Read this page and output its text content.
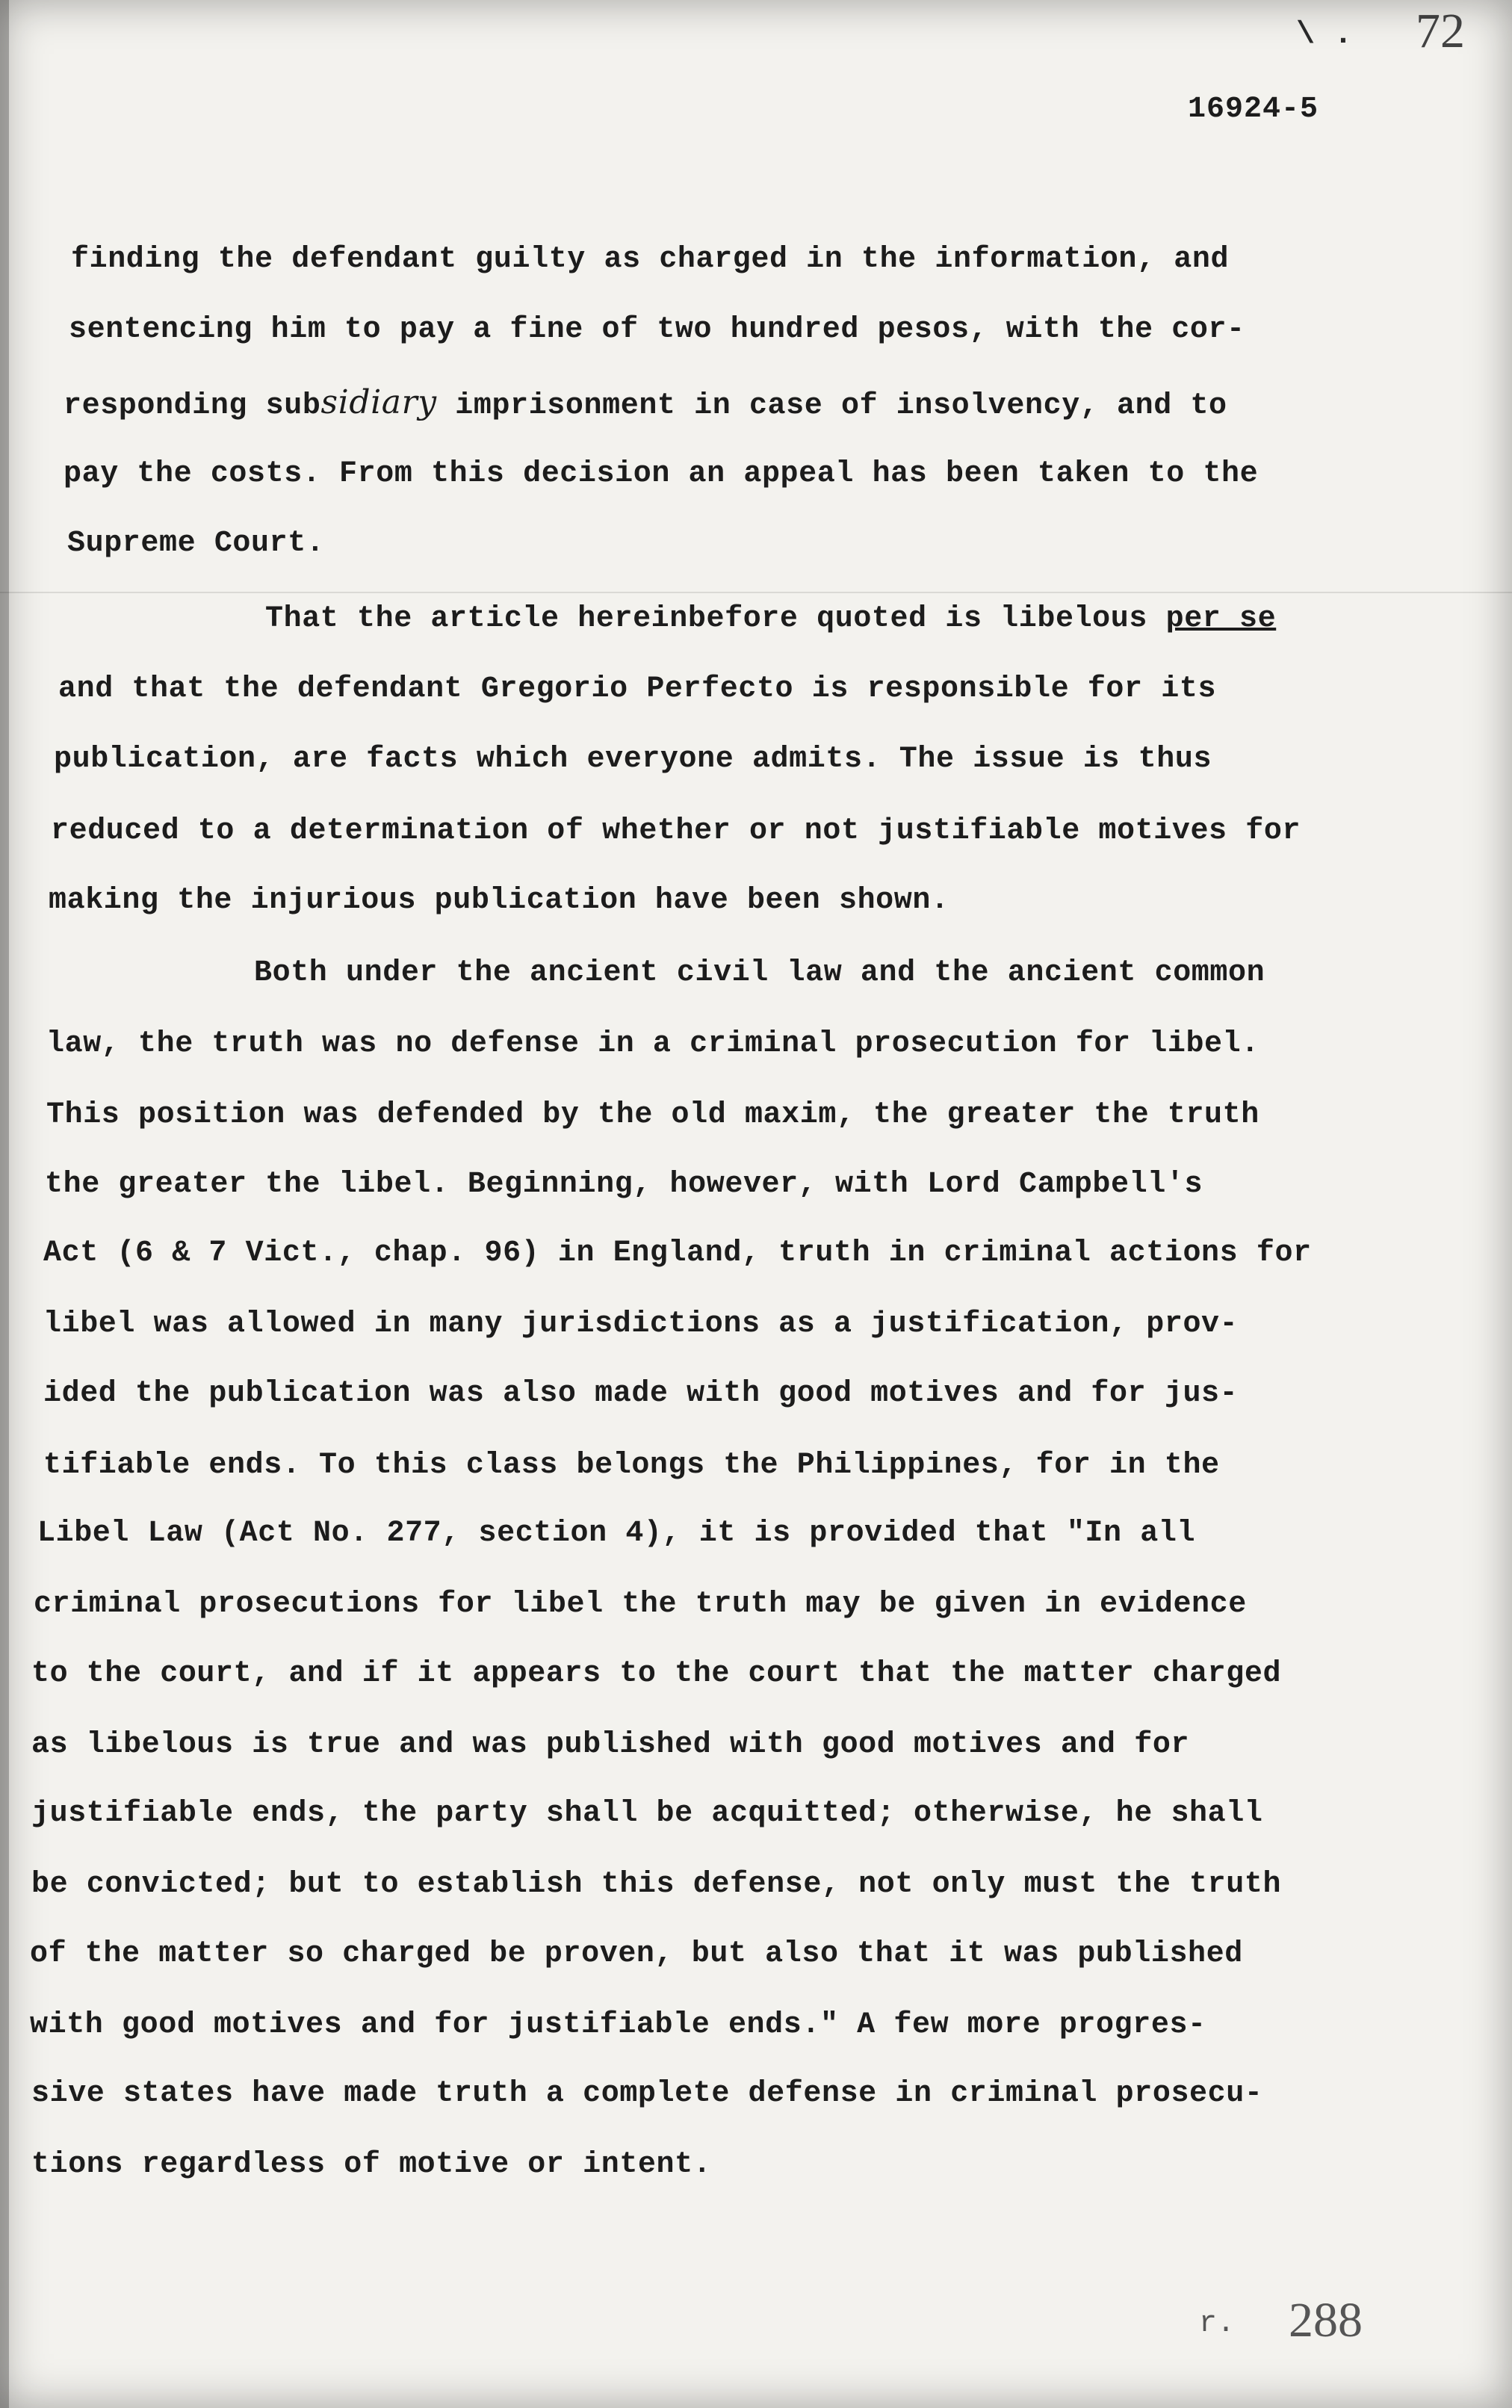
\ . 72
16924-5
finding the defendant guilty as charged in the information, and
sentencing him to pay a fine of two hundred pesos, with the cor-
responding subsidiary imprisonment in case of insolvency, and to
pay the costs. From this decision an appeal has been taken to the
Supreme Court.
That the article hereinbefore quoted is libelous per se
and that the defendant Gregorio Perfecto is responsible for its
publication, are facts which everyone admits. The issue is thus
reduced to a determination of whether or not justifiable motives for
making the injurious publication have been shown.
Both under the ancient civil law and the ancient common
law, the truth was no defense in a criminal prosecution for libel.
This position was defended by the old maxim, the greater the truth
the greater the libel. Beginning, however, with Lord Campbell's
Act (6 & 7 Vict., chap. 96) in England, truth in criminal actions for
libel was allowed in many jurisdictions as a justification, prov-
ided the publication was also made with good motives and for jus-
tifiable ends. To this class belongs the Philippines, for in the
Libel Law (Act No. 277, section 4), it is provided that "In all
criminal prosecutions for libel the truth may be given in evidence
to the court, and if it appears to the court that the matter charged
as libelous is true and was published with good motives and for
justifiable ends, the party shall be acquitted; otherwise, he shall
be convicted; but to establish this defense, not only must the truth
of the matter so charged be proven, but also that it was published
with good motives and for justifiable ends." A few more progres-
sive states have made truth a complete defense in criminal prosecu-
tions regardless of motive or intent.
r. 288
